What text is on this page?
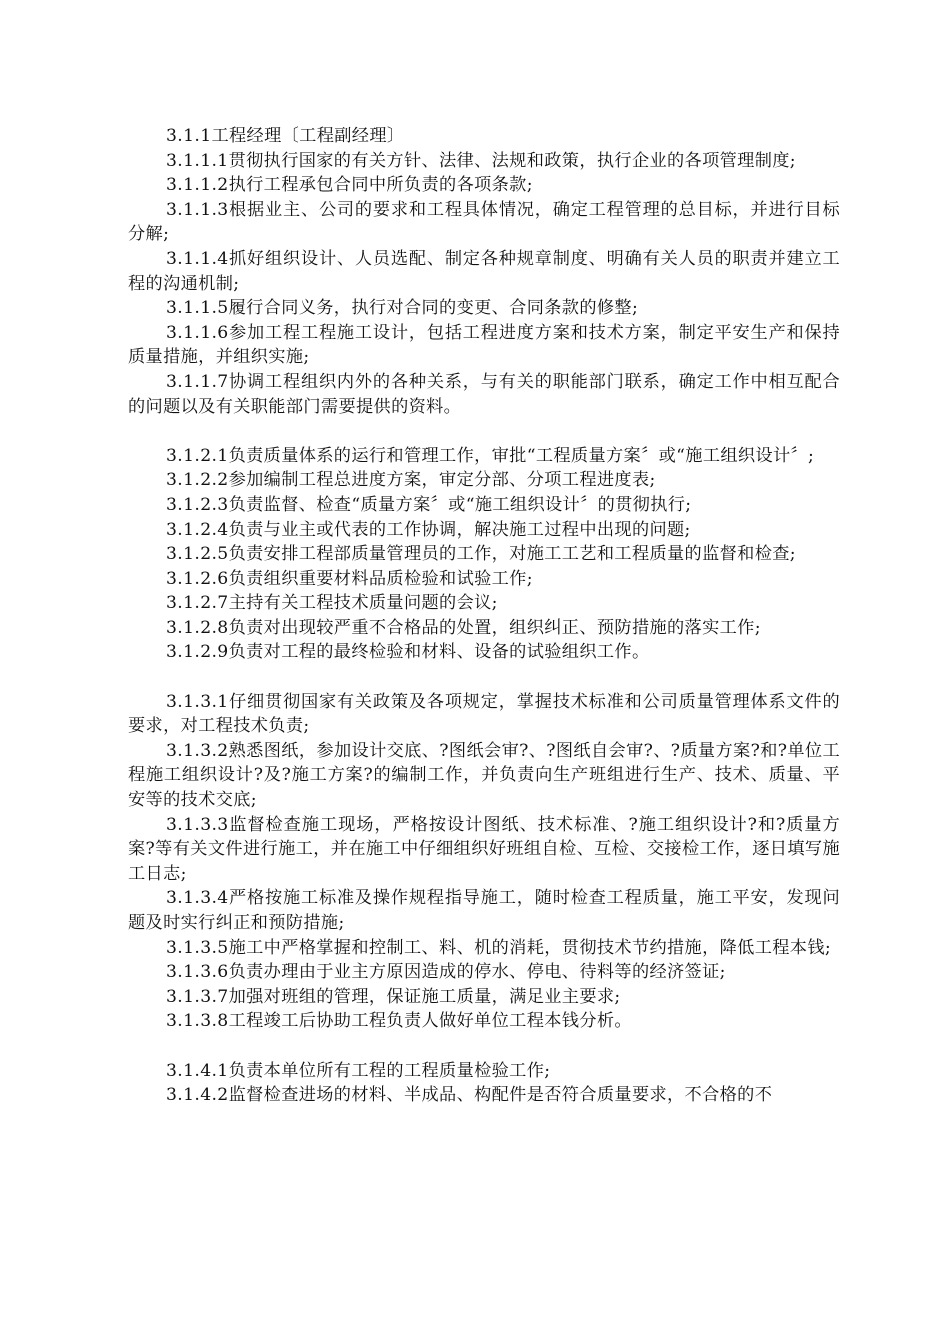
3.1.1工程经理〔工程副经理〕

3.1.1.1贯彻执行国家的有关方针、法律、法规和政策，执行企业的各项管理制度;

3.1.1.2执行工程承包合同中所负责的各项条款;

3.1.1.3根据业主、公司的要求和工程具体情况，确定工程管理的总目标，并进行目标分解;

3.1.1.4抓好组织设计、人员选配、制定各种规章制度、明确有关人员的职责并建立工程的沟通机制;

3.1.1.5履行合同义务，执行对合同的变更、合同条款的修整;

3.1.1.6参加工程工程施工设计，包括工程进度方案和技术方案，制定平安生产和保持质量措施，并组织实施;

3.1.1.7协调工程组织内外的各种关系，与有关的职能部门联系，确定工作中相互配合的问题以及有关职能部门需要提供的资料。

3.1.2.1负责质量体系的运行和管理工作，审批“工程质量方案〞或“施工组织设计〞;

3.1.2.2参加编制工程总进度方案，审定分部、分项工程进度表;

3.1.2.3负责监督、检查“质量方案〞或“施工组织设计〞的贯彻执行;

3.1.2.4负责与业主或代表的工作协调，解决施工过程中出现的问题;

3.1.2.5负责安排工程部质量管理员的工作，对施工工艺和工程质量的监督和检查;

3.1.2.6负责组织重要材料品质检验和试验工作;

3.1.2.7主持有关工程技术质量问题的会议;

3.1.2.8负责对出现较严重不合格品的处置，组织纠正、预防措施的落实工作;

3.1.2.9负责对工程的最终检验和材料、设备的试验组织工作。

3.1.3.1仔细贯彻国家有关政策及各项规定，掌握技术标准和公司质量管理体系文件的要求，对工程技术负责;

3.1.3.2熟悉图纸，参加设计交底、?图纸会审?、?图纸自会审?、?质量方案?和?单位工程施工组织设计?及?施工方案?的编制工作，并负责向生产班组进行生产、技术、质量、平安等的技术交底;

3.1.3.3监督检查施工现场，严格按设计图纸、技术标准、?施工组织设计?和?质量方案?等有关文件进行施工，并在施工中仔细组织好班组自检、互检、交接检工作，逐日填写施工日志;

3.1.3.4严格按施工标准及操作规程指导施工，随时检查工程质量，施工平安，发现问题及时实行纠正和预防措施;

3.1.3.5施工中严格掌握和控制工、料、机的消耗，贯彻技术节约措施，降低工程本钱;

3.1.3.6负责办理由于业主方原因造成的停水、停电、待料等的经济签证;

3.1.3.7加强对班组的管理，保证施工质量，满足业主要求;

3.1.3.8工程竣工后协助工程负责人做好单位工程本钱分析。

3.1.4.1负责本单位所有工程的工程质量检验工作;

3.1.4.2监督检查进场的材料、半成品、构配件是否符合质量要求，不合格的不
